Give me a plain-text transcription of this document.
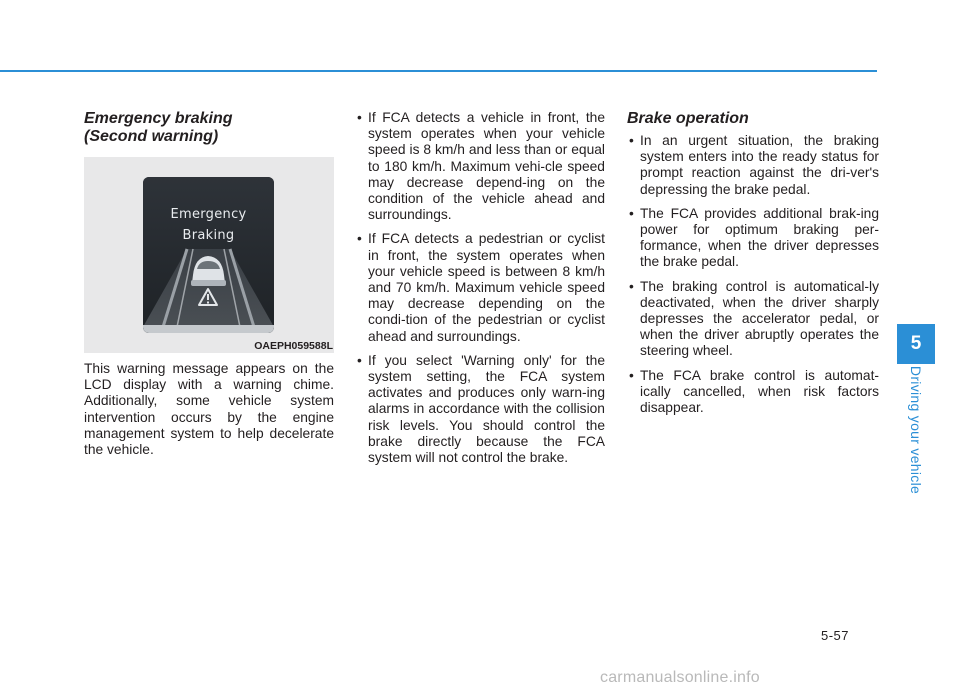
Emergency braking
(Second warning)
Emergency
Braking
OAEPH059588L

This warning message appears on the LCD display with a warning chime. Additionally, some vehicle system intervention occurs by the engine management system to help decelerate the vehicle.

• If FCA detects a vehicle in front, the system operates when your vehicle speed is 8 km/h and less than or equal to 180 km/h. Maximum vehi-cle speed may decrease depend-ing on the condition of the vehicle ahead and surroundings.
• If FCA detects a pedestrian or cyclist in front, the system operates when your vehicle speed is between 8 km/h and 70 km/h. Maximum vehicle speed may decrease depending on the condi-tion of the pedestrian or cyclist ahead and surroundings.
• If you select 'Warning only' for the system setting, the FCA system activates and produces only warn-ing alarms in accordance with the collision risk levels. You should control the brake directly because the FCA system will not control the brake.
Brake operation
• In an urgent situation, the braking system enters into the ready status for prompt reaction against the dri-ver's depressing the brake pedal.
• The FCA provides additional brak-ing power for optimum braking per-formance, when the driver depresses the brake pedal.
• The braking control is automatical-ly deactivated, when the driver sharply depresses the accelerator pedal, or when the driver abruptly operates the steering wheel.
• The FCA brake control is automat-ically cancelled, when risk factors disappear.
5
Driving your vehicle
5-57
carmanualsonline.info
